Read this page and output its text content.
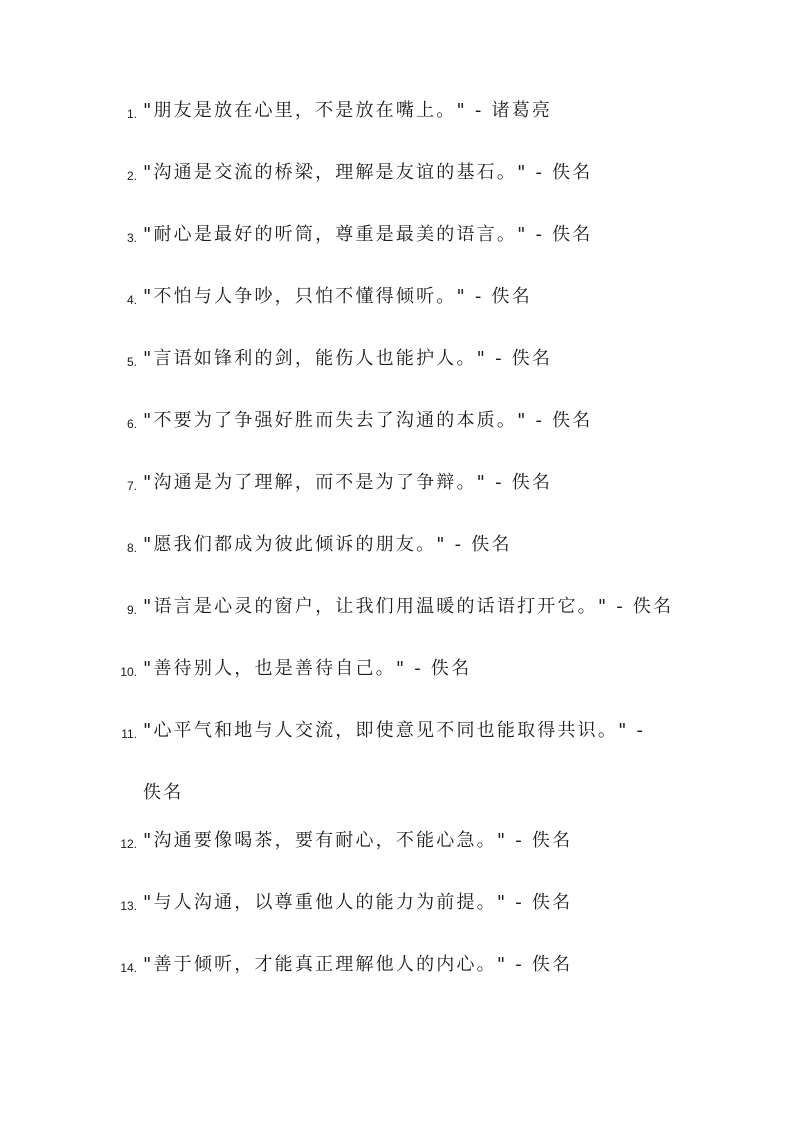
1. "朋友是放在心里，不是放在嘴上。" - 诸葛亮
2. "沟通是交流的桥梁，理解是友谊的基石。" - 佚名
3. "耐心是最好的听筒，尊重是最美的语言。" - 佚名
4. "不怕与人争吵，只怕不懂得倾听。" - 佚名
5. "言语如锋利的剑，能伤人也能护人。" - 佚名
6. "不要为了争强好胜而失去了沟通的本质。" - 佚名
7. "沟通是为了理解，而不是为了争辩。" - 佚名
8. "愿我们都成为彼此倾诉的朋友。" - 佚名
9. "语言是心灵的窗户，让我们用温暖的话语打开它。" - 佚名
10. "善待别人，也是善待自己。" - 佚名
11. "心平气和地与人交流，即使意见不同也能取得共识。" - 佚名
12. "沟通要像喝茶，要有耐心，不能心急。" - 佚名
13. "与人沟通，以尊重他人的能力为前提。" - 佚名
14. "善于倾听，才能真正理解他人的内心。" - 佚名
